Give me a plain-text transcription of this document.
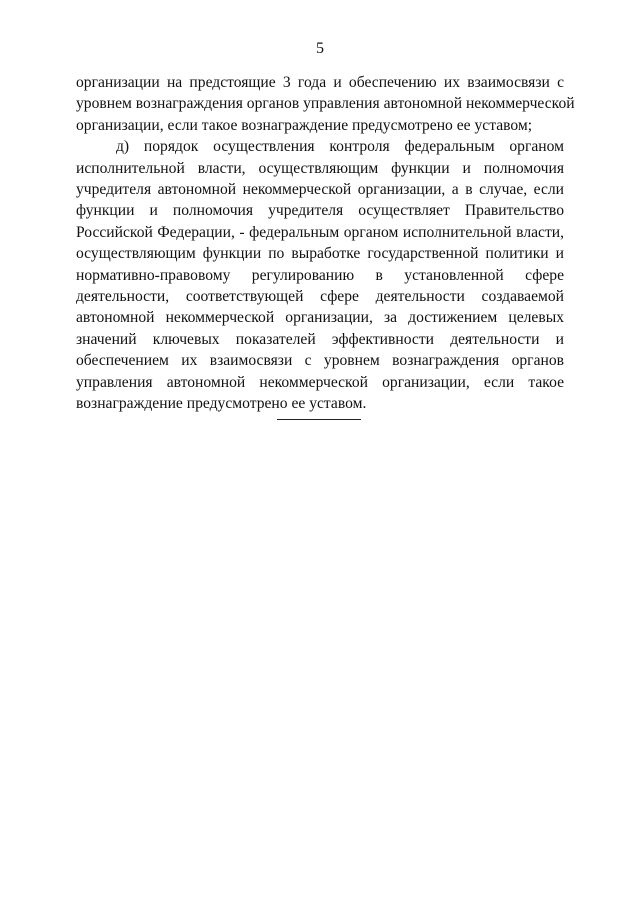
5
организации на предстоящие 3 года и обеспечению их взаимосвязи с
уровнем вознаграждения органов управления автономной некоммерческой
организации, если такое вознаграждение предусмотрено ее уставом;
д) порядок осуществления контроля федеральным органом
исполнительной власти, осуществляющим функции и полномочия
учредителя автономной некоммерческой организации, а в случае, если
функции и полномочия учредителя осуществляет Правительство
Российской Федерации, - федеральным органом исполнительной власти,
осуществляющим функции по выработке государственной политики и
нормативно-правовому регулированию в установленной сфере
деятельности, соответствующей сфере деятельности создаваемой
автономной некоммерческой организации, за достижением целевых
значений ключевых показателей эффективности деятельности и
обеспечением их взаимосвязи с уровнем вознаграждения органов
управления автономной некоммерческой организации, если такое
вознаграждение предусмотрено ее уставом.
